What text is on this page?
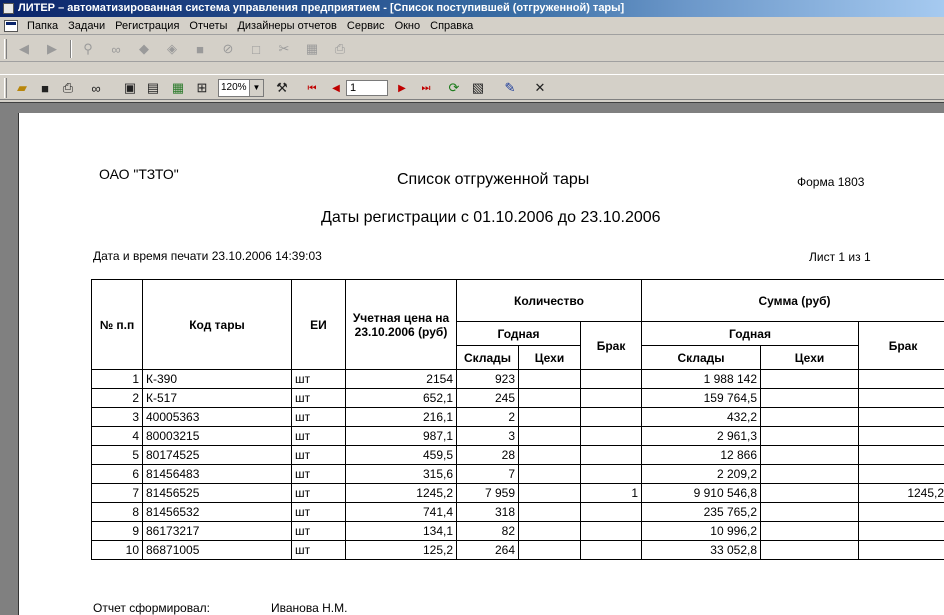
ЛИТЕР – автоматизированная система управления предприятием - [Список поступившей (отгруженной) тары]
Папка Задачи Регистрация Отчеты Дизайнеры отчетов Сервис Окно Справка
◀	▶	⚲	∞	◆	◈	■	⊘	□	✂	▦	⎙
▰	■	⎙	∞	▣ ▤ ▦ ⊞	120% ▼	⚒	⏮	◀ 1	▶	⏭	⟳ ▧	✎	✕
ОАО "ТЗТО"	Список отгруженной тары	Форма 1803
Даты регистрации с 01.10.2006 до 23.10.2006
Дата и время печати 23.10.2006 14:39:03	Лист 1 из 1
№ п.п	Код тары	ЕИ	Учетная цена на 23.10.2006 (руб)	Количество			Сумма (руб)		
				Годная		Брак	Годная		Брак
				Склады	Цехи		Склады	Цехи	
1	К-390	шт	2154	923			1 988 142		
2	К-517	шт	652,1	245			159 764,5		
3	40005363	шт	216,1	2			432,2		
4	80003215	шт	987,1	3			2 961,3		
5	80174525	шт	459,5	28			12 866		
6	81456483	шт	315,6	7			2 209,2		
7	81456525	шт	1245,2	7 959		1	9 910 546,8		1245,2
8	81456532	шт	741,4	318			235 765,2		
9	86173217	шт	134,1	82			10 996,2		
10	86871005	шт	125,2	264			33 052,8		
Отчет сформировал:	Иванова Н.М.
